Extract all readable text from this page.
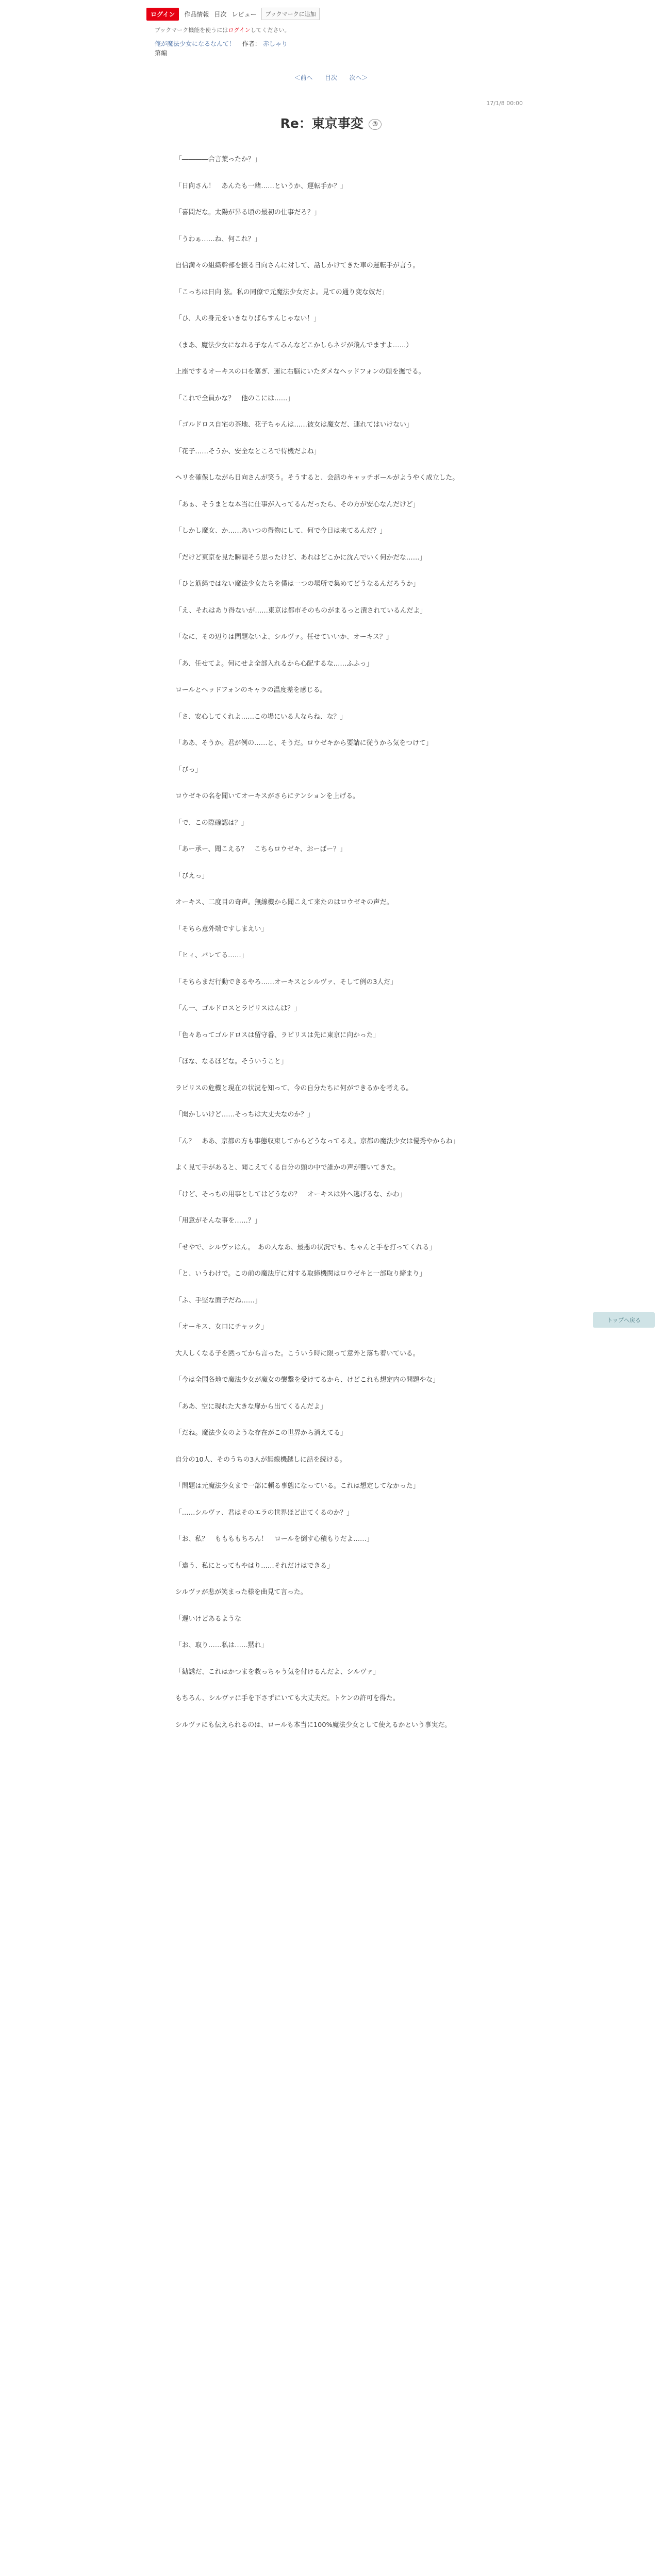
ログイン	作品情報 目次 レビュー	ブックマークに追加
ブックマーク機能を使うにはログインしてください。
俺が魔法少女になるなんて！ 作者： 赤しゃり
第編
＜前へ 目次 次へ＞
17/1/8 00:00
Re：東京事変 ③

「――――合言葉ったか？」

「日向さん！　あんたも一緒……というか、運転手か？」

「喜問だな。太陽が昇る頃の最初の仕事だろ？」

「うわぁ……ね、何これ？」

自信満々の組織幹部を振る日向さんに対して、話しかけてきた車の運転手が言う。　　

「こっちは日向 弦。私の同僚で元魔法少女だよ。見ての通り変な奴だ」

「ひ、人の身元をいきなりばらすんじゃない！」

（まあ、魔法少女になれる子なんてみんなどこかしらネジが飛んでますよ……）

上座でするオーキスの口を塞ぎ、運に右脳にいたダメなヘッドフォンの頭を撫でる。

「これで全員かな？　他のこには……」

「ゴルドロス自宅の茶地、花子ちゃんは……彼女は魔女だ、連れてはいけない」

「花子……そうか、安全なところで待機だよね」

ヘリを確保しながら日向さんが笑う。そうすると、会話のキャッチボールがようやく成立した。

「あぁ、そうまとな本当に仕事が入ってるんだったら、その方が安心なんだけど」

「しかし魔女、か……あいつの得物にして、何で今日は来てるんだ？」

「だけど東京を見た瞬間そう思ったけど、あれはどこかに沈んでいく何かだな……」

「ひと筋縄ではない魔法少女たちを僕は一つの場所で集めてどうなるんだろうか」

「え、それはあり得ないが……東京は都市そのものがまるっと潰されているんだよ」

「なに、その辺りは問題ないよ、シルヴァ。任せていいか、オーキス？」

「あ、任せてよ。何にせよ全部入れるから心配するな……ふふっ」

ロールとヘッドフォンのキャラの温度差を感じる。

「さ、安心してくれよ……この場にいる人ならね、な？」

「ああ、そうか。君が例の……と、そうだ。ロウゼキから要請に従うから気をつけて」

「びっ」

ロウゼキの名を聞いてオーキスがさらにテンションを上げる。

「で、この際確認は？」

「あー承ー、聞こえる？　こちらロウゼキ、おーばー？」

「びえっ」

オーキス、二度目の奇声。無線機から聞こえて来たのはロウゼキの声だ。

「そちら意外端ですしまえい」

「ヒィ、バレてる……」

「そちらまだ行動できるやろ……オーキスとシルヴァ、そして例の3人だ」

「ん一、ゴルドロスとラピリスはんは？」

「色々あってゴルドロスは留守番、ラピリスは先に東京に向かった」

「ほな、なるほどな。そういうこと」

ラピリスの危機と現在の状況を知って、今の自分たちに何ができるかを考える。

「聞かしいけど……そっちは大丈夫なのか？」

「ん？　ああ、京都の方も事態収束してからどうなってるえ。京都の魔法少女は優秀やからね」

よく見て手があると、聞こえてくる自分の頭の中で誰かの声が響いてきた。

「けど、そっちの用事としてはどうなの？　オーキスは外へ逃げるな、かわ」

「用意がそんな事を……？」

「せやで、シルヴァはん。　あの人なあ、最悪の状況でも、ちゃんと手を打ってくれる」

「と、いうわけで。この前の魔法庁に対する取締機関はロウゼキと一部取り締まり」

「ふ、手堅な面子だね……」

「オーキス、女口にチャック」

大人しくなる子を黙ってから言った。こういう時に限って意外と落ち着いている。

「今は全国各地で魔法少女が魔女の襲撃を受けてるから、けどこれも想定内の問題やな」

「ああ、空に現れた大きな扉から出てくるんだよ」

「だね。魔法少女のような存在がこの世界から消えてる」

自分の10人、そのうちの3人が無線機越しに話を続ける。

「問題は元魔法少女まで一部に頼る事態になっている。これは想定してなかった」

「……シルヴァ、君はそのエラの世界ほど出てくるのか？」

「お、私？　ももももちろん！　ロールを倒す心積もりだよ……」

「違う、私にとってもやはり……それだけはできる」

シルヴァが悲が笑まった様を曲見て言った。

「遅いけどあるような

「お、取り……私は……黙れ」

「勧誘だ、これはかつまを救っちゃう気を付けるんだよ、シルヴァ」

もちろん、シルヴァに手を下さずにいても大丈夫だ。トケンの許可を得た。

シルヴァにも伝えられるのは、ロールも本当に100%魔法少女として使えるかという事実だ。

トップへ戻る
